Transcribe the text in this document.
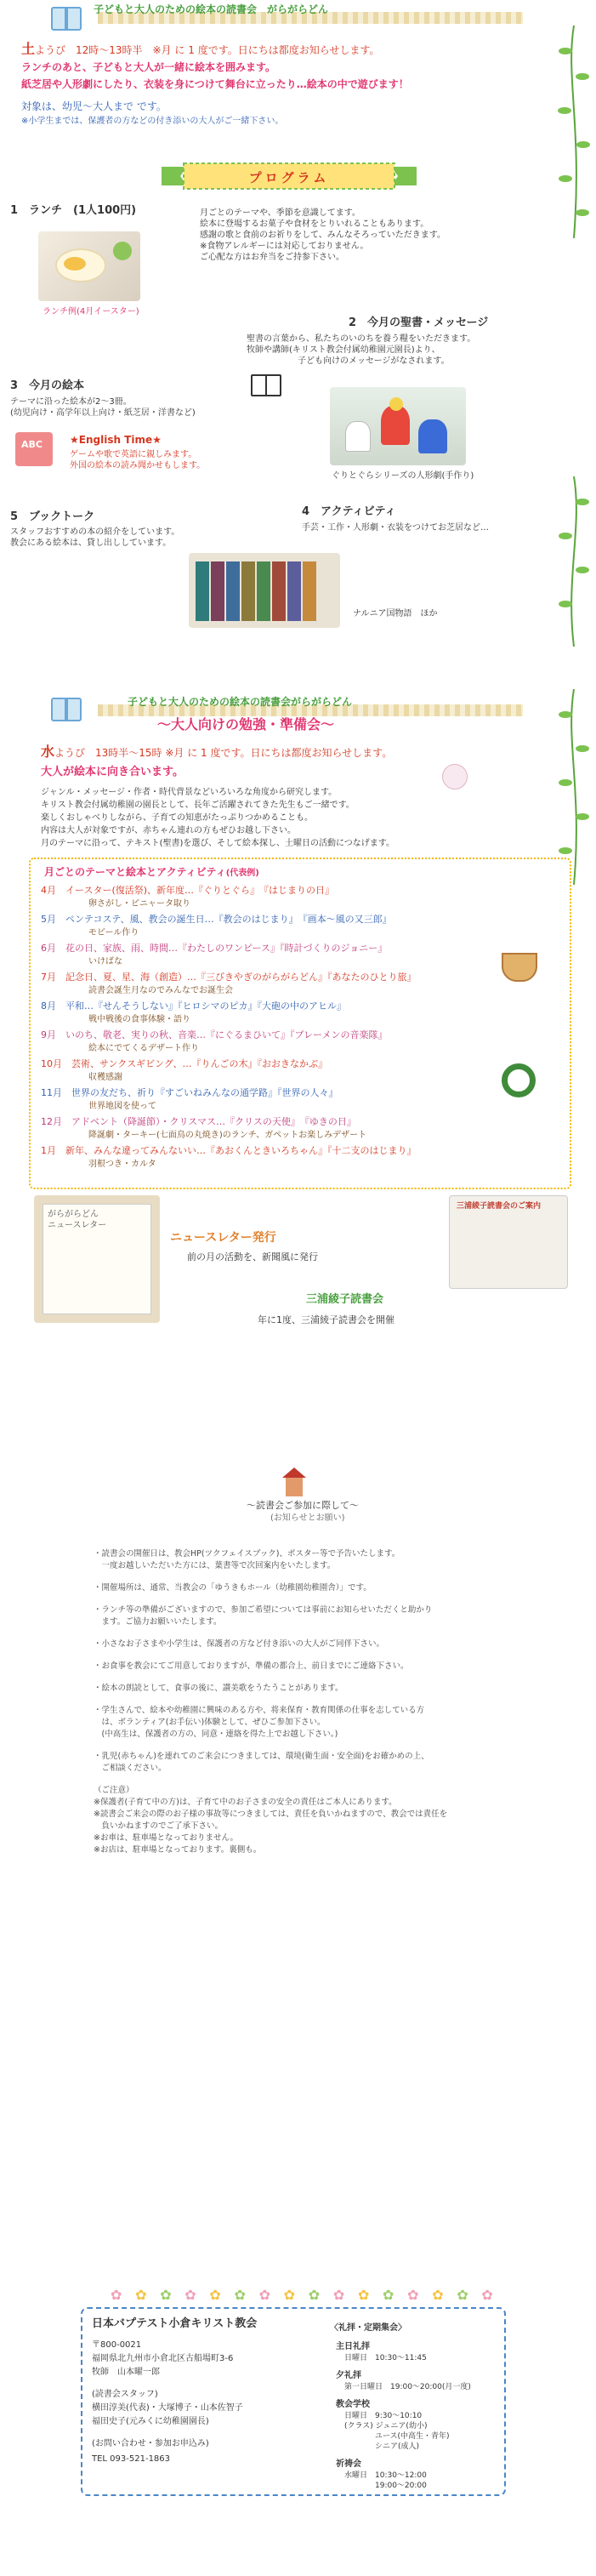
子どもと大人のための絵本の読書会　がらがらどん
土ようび　12時～13時半　※月 に 1 度です。日にちは都度お知らせします。
ランチのあと、子どもと大人が一緒に絵本を囲みます。
紙芝居や人形劇にしたり、衣装を身につけて舞台に立ったり…絵本の中で遊びます！
対象は、幼児～大人まで です。
※小学生までは、保護者の方などの付き添いの大人がご一緒下さい。
プログラム
1　ランチ　(1人100円)
ランチ例(4月イースター)
月ごとのテーマや、季節を意識してます。
絵本に登場するお菓子や食材をとりいれることもあります。
感謝の歌と食前のお祈りをして、みんなそろっていただきます。
※食物アレルギーには対応しておりません。
ご心配な方はお弁当をご持参下さい。
2　今月の聖書・メッセージ
聖書の言葉から、私たちのいのちを養う糧をいただきます。
牧師や講師(キリスト教会付属幼稚園元園長)より、
子ども向けのメッセージがなされます。
3　今月の絵本
テーマに沿った絵本が2～3冊。
(幼児向け・高学年以上向け・紙芝居・洋書など)
ABC	★English Time★
ゲームや歌で英語に親しみます。
外国の絵本の読み聞かせもします。
ぐりとぐらシリーズの人形劇(手作り)
5　ブックトーク
スタッフおすすめの本の紹介をしています。
教会にある絵本は、貸し出ししています。
4　アクティビティ
手芸・工作・人形劇・衣装をつけてお芝居など…
ナルニア国物語　ほか
子どもと大人のための絵本の読書会がらがらどん
～大人向けの勉強・準備会～
水ようび　13時半～15時 ※月 に 1 度です。日にちは都度お知らせします。
大人が絵本に向き合います。
ジャンル・メッセージ・作者・時代背景などいろいろな角度から研究します。
キリスト教会付属幼稚園の園長として、長年ご活躍されてきた先生もご一緒です。
楽しくおしゃべりしながら、子育ての知恵がたっぷりつかめることも。
内容は大人が対象ですが、赤ちゃん連れの方もぜひお越し下さい。
月のテーマに沿って、テキスト(聖書)を選び、そして絵本探し、土曜日の活動につなげます。
月ごとのテーマと絵本とアクティビティ(代表例)
4月　イースター(復活祭)、新年度…『ぐりとぐら』　『はじまりの日』
卵さがし・ピニャータ取り
5月　ペンテコステ、風、教会の誕生日…『教会のはじまり』　『画本～風の又三郎』
モビール作り
6月　花の日、家族、雨、時間…『わたしのワンピース』『時計づくりのジョニー』
いけばな
7月　記念日、夏、星、海（創造）…『三びきやぎのがらがらどん』『あなたのひとり旅』
読書会誕生月なのでみんなでお誕生会
8月　平和…『せんそうしない』『ヒロシマのピカ』『大砲の中のアヒル』
戦中戦後の食事体験・語り
9月　いのち、敬老、実りの秋、音楽…『にぐるまひいて』『ブレーメンの音楽隊』
絵本にでてくるデザート作り
10月　芸術、サンクスギビング、…『りんごの木』『おおきなかぶ』
収穫感謝
11月　世界の友だち、祈り『すごいねみんなの通学路』『世界の人々』
世界地図を使って
12月　アドベント（降誕節）・クリスマス…『クリスの天使』　『ゆきの日』
降誕劇・ターキー(七面鳥の丸焼き)のランチ、ガペットお楽しみデザート
1月　新年、みんな違ってみんないい…『あおくんときいろちゃん』『十二支のはじまり』
羽根つき・カルタ
がらがらどん
ニュースレター
ニュースレター発行
前の月の活動を、新聞風に発行
三浦綾子読書会
年に1度、三浦綾子読書会を開催
三浦綾子読書会のご案内
～読書会ご参加に際して～
(お知らせとお願い)
・読書会の開催日は、教会HP(ツクフェイスブック)、ポスター等で予告いたします。
　一度お越しいただいた方には、葉書等で次回案内をいたします。
・開催場所は、通常、当教会の「ゆうきもホール（幼稚園幼稚園舎）」です。
・ランチ等の準備がございますので、参加ご希望については事前にお知らせいただくと助かり
　ます。ご協力お願いいたします。
・小さなお子さまや小学生は、保護者の方など付き添いの大人がご同伴下さい。
・お食事を教会にてご用意しておりますが、準備の都合上、前日までにご連絡下さい。
・絵本の朗読として、食事の後に、讃美歌をうたうことがあります。
・学生さんで、絵本や幼稚園に興味のある方や、将来保育・教育関係の仕事を志している方
　は、ボランティア(お手伝い)体験として、ぜひご参加下さい。
　(中高生は、保護者の方の、同意・連絡を得た上でお越し下さい。)
・乳児(赤ちゃん)を連れてのご来会につきましては、環境(衛生面・安全面)をお確かめの上、
　ご相談ください。
（ご注意）
※保護者(子育て中の方)は、子育て中のお子さまの安全の責任はご本人にあります。
※読書会ご来会の際のお子様の事故等につきましては、責任を負いかねますので、教会では責任を
　負いかねますのでご了承下さい。
※お車は、駐車場となっておりません。
※お店は、駐車場となっております。裏側も。
✿ ✿ ✿ ✿ ✿ ✿ ✿ ✿ ✿ ✿ ✿ ✿ ✿ ✿ ✿ ✿
日本バプテスト小倉キリスト教会
〒800-0021
福岡県北九州市小倉北区古船場町3-6
牧師　山本曜一郎
(読書会スタッフ)
横田淳美(代表)・大塚博子・山本佐智子
福田史子(元みくに幼稚園園長)
(お問い合わせ・参加お申込み)
TEL 093-521-1863
〈礼拝・定期集会〉
主日礼拝
日曜日　10:30～11:45
夕礼拝
第一日曜日　19:00～20:00(月一度)
教会学校
日曜日　9:30～10:10
(クラス) ジュニア(幼小)
　　　　ユース(中高生・青年)
　　　　シニア(成人)
祈祷会
水曜日　10:30～12:00
　　　　19:00～20:00
